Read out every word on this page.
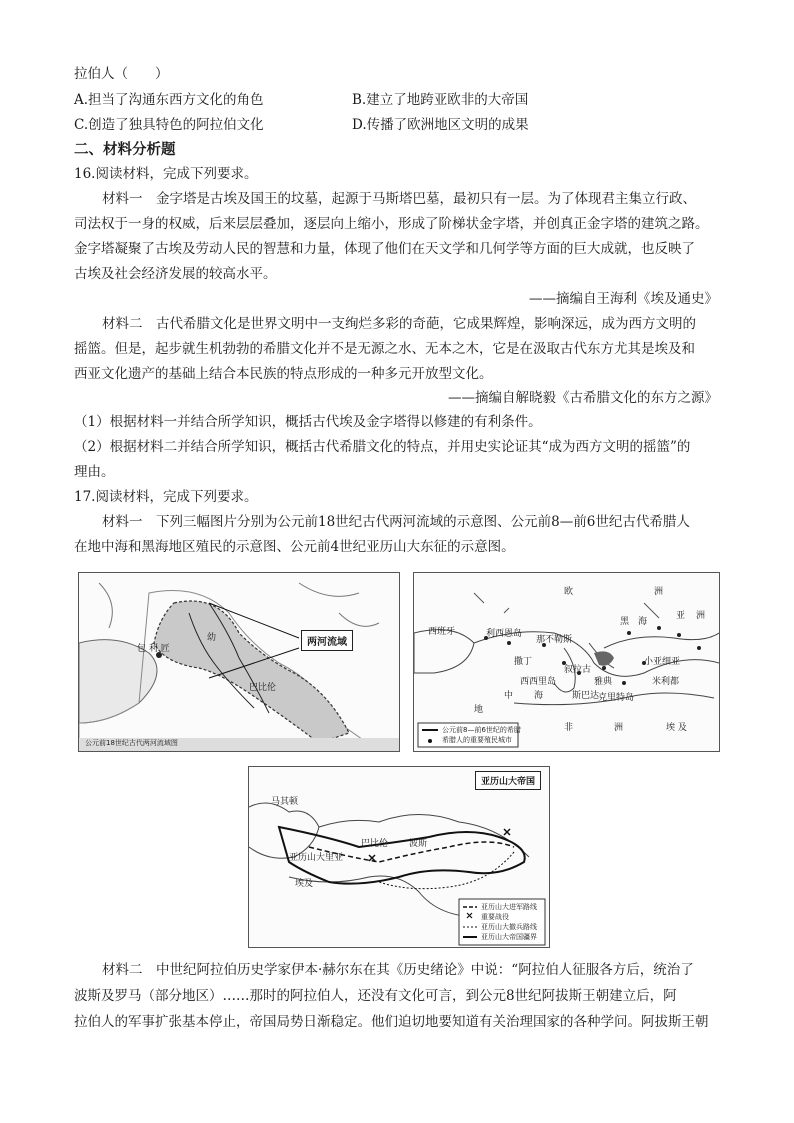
拉伯人（　　）
A.担当了沟通东西方文化的角色	B.建立了地跨亚欧非的大帝国
C.创造了独具特色的阿拉伯文化	D.传播了欧洲地区文明的成果
二、材料分析题
16.阅读材料，完成下列要求。
材料一　金字塔是古埃及国王的坟墓，起源于马斯塔巴墓，最初只有一层。为了体现君主集立行政、
司法权于一身的权威，后来层层叠加，逐层向上缩小，形成了阶梯状金字塔，并创真正金字塔的建筑之路。
金字塔凝聚了古埃及劳动人民的智慧和力量，体现了他们在天文学和几何学等方面的巨大成就，也反映了
古埃及社会经济发展的较高水平。
——摘编自王海利《埃及通史》
材料二　古代希腊文化是世界文明中一支绚烂多彩的奇葩，它成果辉煌，影响深远，成为西方文明的
摇篮。但是，起步就生机勃勃的希腊文化并不是无源之水、无本之木，它是在汲取古代东方尤其是埃及和
西亚文化遗产的基础上结合本民族的特点形成的一种多元开放型文化。
——摘编自解晓毅《古希腊文化的东方之源》
（1）根据材料一并结合所学知识，概括古代埃及金字塔得以修建的有利条件。
（2）根据材料二并结合所学知识，概括古代希腊文化的特点，并用史实论证其“成为西方文明的摇篮”的
理由。
17.阅读材料，完成下列要求。
材料一　下列三幅图片分别为公元前18世纪古代两河流域的示意图、公元前8—前6世纪古代希腊人
在地中海和黑海地区殖民的示意图、公元前4世纪亚历山大东征的示意图。
两河流域
包 利 匠
幼
巴比伦
公元前18世纪古代两河流域图
欧	洲
西班牙	利西恩岛
那不勒斯
黑 海
撒丁	小亚细亚
西西里岛
叙拉古
雅典
斯巴达
克里特岛
米利都
中 海
非	洲	埃 及
亚 洲
地
公元前8—前6世纪的希腊
希腊人的重要殖民城市
亚历山大帝国
马其顿
巴比伦 波斯
埃及
亚历山大里亚
亚历山大进军路线
重要战役
亚历山大撤兵路线
亚历山大帝国疆界
材料二　中世纪阿拉伯历史学家伊本·赫尔东在其《历史绪论》中说：“阿拉伯人征服各方后，统治了
波斯及罗马（部分地区）……那时的阿拉伯人，还没有文化可言，到公元8世纪阿拔斯王朝建立后，阿
拉伯人的军事扩张基本停止，帝国局势日渐稳定。他们迫切地要知道有关治理国家的各种学问。阿拔斯王朝
